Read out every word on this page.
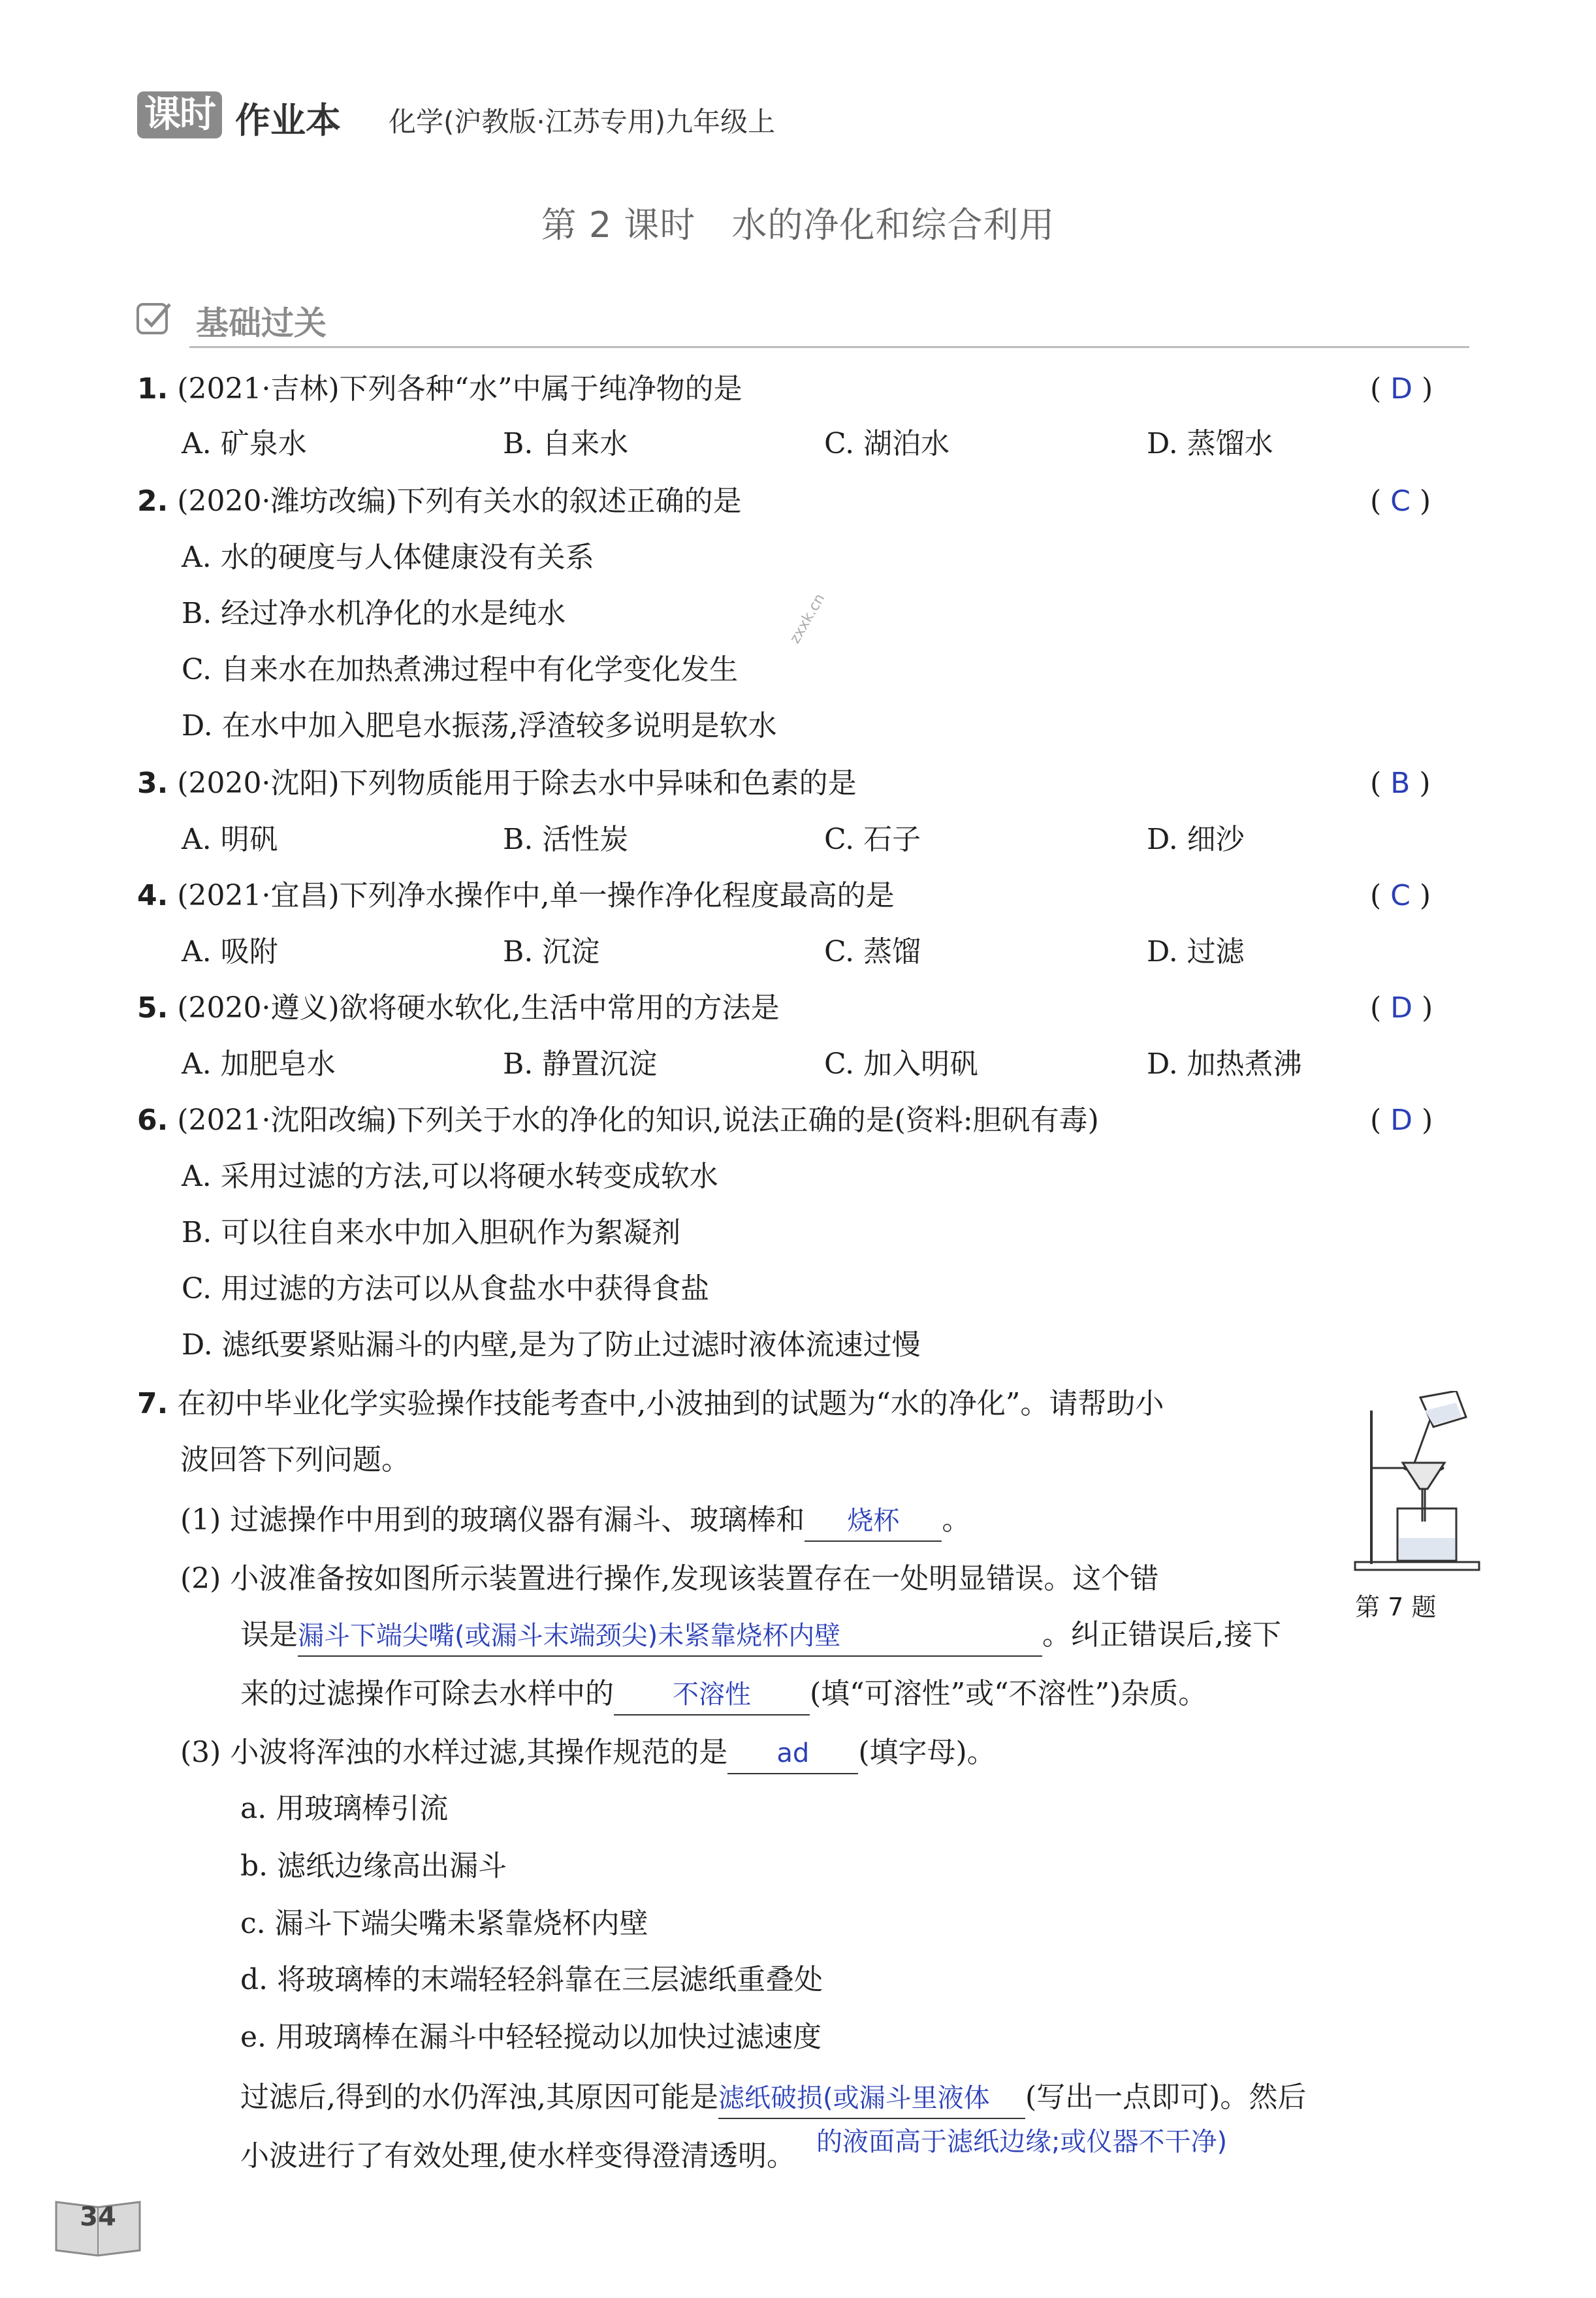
课时 作业本 化学(沪教版·江苏专用)九年级上
第 2 课时　水的净化和综合利用
基础过关
1. (2021·吉林)下列各种“水”中属于纯净物的是	( D )
A. 矿泉水	B. 自来水	C. 湖泊水	D. 蒸馏水
2. (2020·潍坊改编)下列有关水的叙述正确的是	( C )
A. 水的硬度与人体健康没有关系
B. 经过净水机净化的水是纯水
C. 自来水在加热煮沸过程中有化学变化发生
D. 在水中加入肥皂水振荡,浮渣较多说明是软水
zxxk.cn
3. (2020·沈阳)下列物质能用于除去水中异味和色素的是	( B )
A. 明矾	B. 活性炭	C. 石子	D. 细沙
4. (2021·宜昌)下列净水操作中,单一操作净化程度最高的是	( C )
A. 吸附	B. 沉淀	C. 蒸馏	D. 过滤
5. (2020·遵义)欲将硬水软化,生活中常用的方法是	( D )
A. 加肥皂水	B. 静置沉淀	C. 加入明矾	D. 加热煮沸
6. (2021·沈阳改编)下列关于水的净化的知识,说法正确的是(资料:胆矾有毒)	( D )
A. 采用过滤的方法,可以将硬水转变成软水
B. 可以往自来水中加入胆矾作为絮凝剂
C. 用过滤的方法可以从食盐水中获得食盐
D. 滤纸要紧贴漏斗的内壁,是为了防止过滤时液体流速过慢
7. 在初中毕业化学实验操作技能考查中,小波抽到的试题为“水的净化”。请帮助小
波回答下列问题。
(1) 过滤操作中用到的玻璃仪器有漏斗、玻璃棒和 烧杯 。
(2) 小波准备按如图所示装置进行操作,发现该装置存在一处明显错误。这个错
误是漏斗下端尖嘴(或漏斗末端颈尖)未紧靠烧杯内壁	。纠正错误后,接下
来的过滤操作可除去水样中的 不溶性 (填“可溶性”或“不溶性”)杂质。
第 7 题
(3) 小波将浑浊的水样过滤,其操作规范的是 ad (填字母)。
a. 用玻璃棒引流
b. 滤纸边缘高出漏斗
c. 漏斗下端尖嘴未紧靠烧杯内壁
d. 将玻璃棒的末端轻轻斜靠在三层滤纸重叠处
e. 用玻璃棒在漏斗中轻轻搅动以加快过滤速度
过滤后,得到的水仍浑浊,其原因可能是滤纸破损(或漏斗里液体 (写出一点即可)。然后
的液面高于滤纸边缘;或仪器不干净)
小波进行了有效处理,使水样变得澄清透明。
34
